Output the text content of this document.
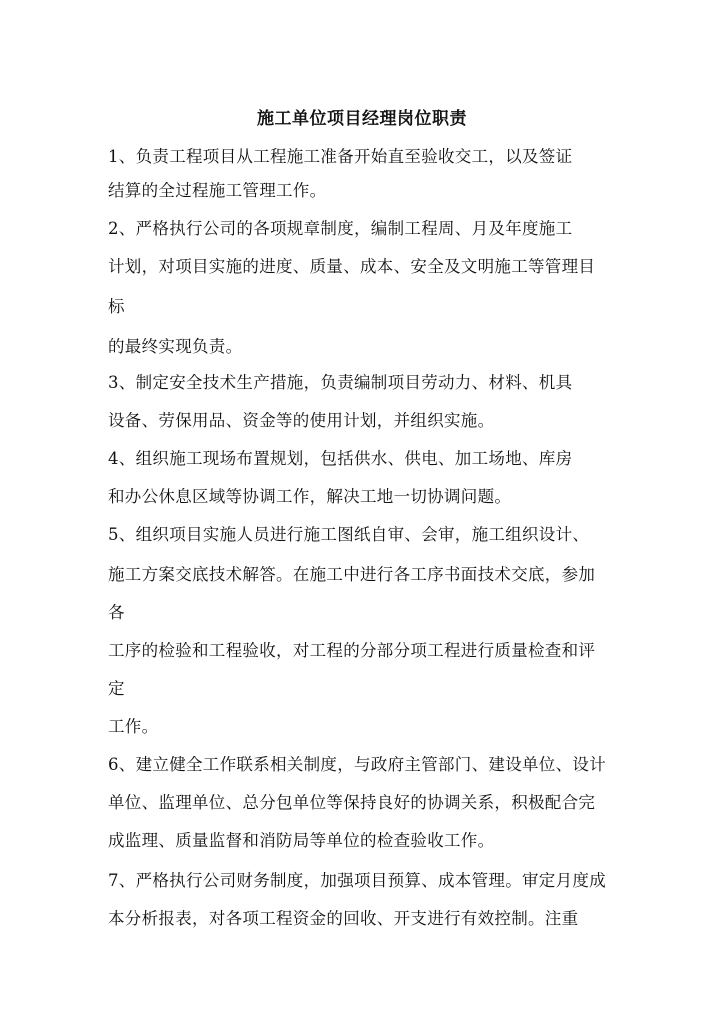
施工单位项目经理岗位职责
1、负责工程项目从工程施工准备开始直至验收交工，以及签证
结算的全过程施工管理工作。
2、严格执行公司的各项规章制度，编制工程周、月及年度施工
计划，对项目实施的进度、质量、成本、安全及文明施工等管理目
标
的最终实现负责。
3、制定安全技术生产措施，负责编制项目劳动力、材料、机具
设备、劳保用品、资金等的使用计划，并组织实施。
4、组织施工现场布置规划，包括供水、供电、加工场地、库房
和办公休息区域等协调工作，解决工地一切协调问题。
5、组织项目实施人员进行施工图纸自审、会审，施工组织设计、
施工方案交底技术解答。在施工中进行各工序书面技术交底，参加
各
工序的检验和工程验收，对工程的分部分项工程进行质量检查和评
定
工作。
6、建立健全工作联系相关制度，与政府主管部门、建设单位、设计
单位、监理单位、总分包单位等保持良好的协调关系，积极配合完
成监理、质量监督和消防局等单位的检查验收工作。
7、严格执行公司财务制度，加强项目预算、成本管理。审定月度成
本分析报表，对各项工程资金的回收、开支进行有效控制。注重
